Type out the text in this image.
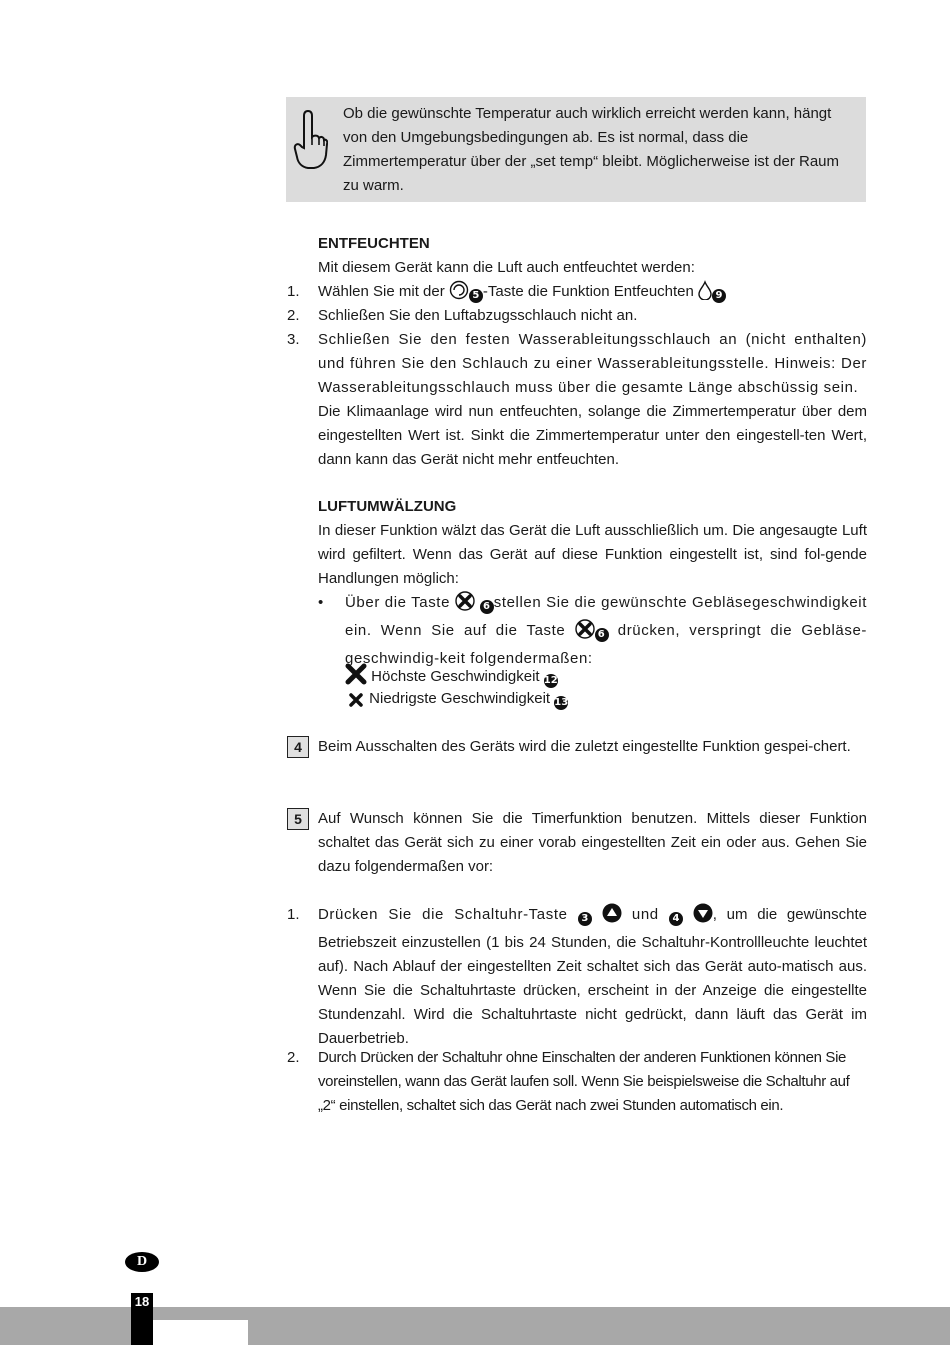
Ob die gewünschte Temperatur auch wirklich erreicht werden kann, hängt von den Umgebungsbedingungen ab. Es ist normal, dass die Zimmertemperatur über der „set temp“ bleibt. Möglicherweise ist der Raum zu warm.
ENTFEUCHTEN
Mit diesem Gerät kann die Luft auch entfeuchtet werden:
1. Wählen Sie mit der 5 -Taste die Funktion Entfeuchten 9
2. Schließen Sie den Luftabzugsschlauch nicht an.
3. Schließen Sie den festen Wasserableitungsschlauch an (nicht enthalten) und führen Sie den Schlauch zu einer Wasserableitungsstelle. Hinweis: Der Wasserableitungsschlauch muss über die gesamte Länge abschüssig sein.
Die Klimaanlage wird nun entfeuchten, solange die Zimmertemperatur über dem eingestellten Wert ist. Sinkt die Zimmertemperatur unter den eingestell-ten Wert, dann kann das Gerät nicht mehr entfeuchten.
LUFTUMWÄLZUNG
In dieser Funktion wälzt das Gerät die Luft ausschließlich um. Die angesaugte Luft wird gefiltert. Wenn das Gerät auf diese Funktion eingestellt ist, sind fol-gende Handlungen möglich:
• Über die Taste	6 stellen Sie die gewünschte Gebläsegeschwindigkeit ein. Wenn Sie auf die Taste 6 drücken, verspringt die Gebläse-geschwindig-keit folgendermaßen:
Höchste Geschwindigkeit 12
Niedrigste Geschwindigkeit 13
4	Beim Ausschalten des Geräts wird die zuletzt eingestellte Funktion gespei-chert.
5	Auf Wunsch können Sie die Timerfunktion benutzen. Mittels dieser Funktion schaltet das Gerät sich zu einer vorab eingestellten Zeit ein oder aus. Gehen Sie dazu folgendermaßen vor:
1. Drücken Sie die Schaltuhr-Taste 3  und 4 , um die gewünschte Betriebszeit einzustellen (1 bis 24 Stunden, die Schaltuhr-Kontrollleuchte leuchtet auf). Nach Ablauf der eingestellten Zeit schaltet sich das Gerät auto-matisch aus. Wenn Sie die Schaltuhrtaste drücken, erscheint in der Anzeige die eingestellte Stundenzahl. Wird die Schaltuhrtaste nicht gedrückt, dann läuft das Gerät im Dauerbetrieb.
2. Durch Drücken der Schaltuhr ohne Einschalten der anderen Funktionen können Sie voreinstellen, wann das Gerät laufen soll. Wenn Sie beispielsweise die Schaltuhr auf „2“ einstellen, schaltet sich das Gerät nach zwei Stunden automatisch ein.
D
18
